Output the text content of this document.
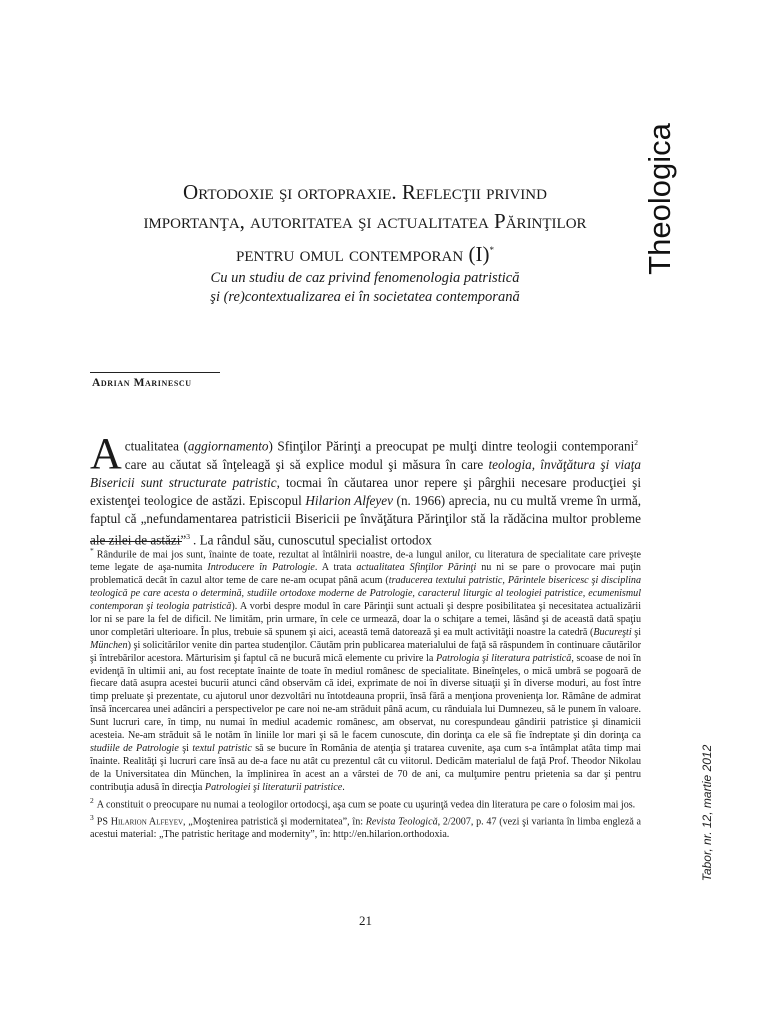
Theologica
Ortodoxie şi ortopraxie. Reflecţii privind
importanţa, autoritatea şi actualitatea Părinţilor
pentru omul contemporan (I)*
Cu un studiu de caz privind fenomenologia patristică
şi (re)contextualizarea ei în societatea contemporană
Adrian Marinescu
Actualitatea (aggiornamento) Sfinţilor Părinţi a preocupat pe mulţi dintre teologii contemporani$^2$ care au căutat să înţeleagă şi să explice modul şi măsura în care teologia, învăţătura şi viaţa Bisericii sunt structurate patristic, tocmai în căutarea unor repere şi pârghii necesare producţiei şi existenţei teologice de astăzi. Episcopul Hilarion Alfeyev (n. 1966) aprecia, nu cu multă vreme în urmă, faptul că „nefundamentarea patristicii Bisericii pe învăţătura Părinţilor stă la rădăcina multor probleme ale zilei de astăzi”$^3$ . La rândul său, cunoscutul specialist ortodox

* Rândurile de mai jos sunt, înainte de toate, rezultat al întâlnirii noastre, de-a lungul anilor, cu literatura de specialitate care priveşte teme legate de aşa-numita Introducere în Patrologie. A trata actualitatea Sfinţilor Părinţi nu ni se pare o provocare mai puţin problematică decât în cazul altor teme de care ne-am ocupat până acum (traducerea textului patristic, Părintele bisericesc şi disciplina teologică pe care acesta o determină, studiile ortodoxe moderne de Patrologie, caracterul liturgic al teologiei patristice, ecumenismul contemporan şi teologia patristică). A vorbi despre modul în care Părinţii sunt actuali şi despre posibilitatea şi necesitatea actualizării lor ni se pare la fel de dificil. Ne limităm, prin urmare, în cele ce urmează, doar la o schiţare a temei, lăsând şi de această dată spaţiu unor completări ulterioare. În plus, trebuie să spunem şi aici, această temă datorează şi ea mult activităţii noastre la catedră (Bucureşti şi München) şi solicitărilor venite din partea studenţilor. Căutăm prin publicarea materialului de faţă să răspundem în continuare căutărilor şi întrebărilor acestora. Mărturisim şi faptul că ne bucură mică elemente cu privire la Patrologia şi literatura patristică, scoase de noi în evidenţă în ultimii ani, au fost receptate înainte de toate în mediul românesc de specialitate. Bineînţeles, o mică umbră se pogoară de fiecare dată asupra acestei bucurii atunci când observăm că idei, exprimate de noi în diverse situaţii şi în diverse moduri, au fost între timp preluate şi prezentate, cu ajutorul unor dezvoltări nu întotdeauna proprii, însă fără a menţiona provenienţa lor. Rămâne de admirat însă încercarea unei adânciri a perspectivelor pe care noi ne-am străduit până acum, cu rânduiala lui Dumnezeu, să le punem în valoare. Sunt lucruri care, în timp, nu numai în mediul academic românesc, am observat, nu corespundeau gândirii patristice şi dinamicii acesteia. Ne-am străduit să le notăm în liniile lor mari şi să le facem cunoscute, din dorinţa ca ele să fie îndreptate şi din dorinţa ca studiile de Patrologie şi textul patristic să se bucure în România de atenţia şi tratarea cuvenite, aşa cum s-a întâmplat atâta timp mai înainte. Realităţi şi lucruri care însă au de-a face nu atât cu prezentul cât cu viitorul. Dedicăm materialul de faţă Prof. Theodor Nikolau de la Universitatea din München, la împlinirea în acest an a vârstei de 70 de ani, ca mulţumire pentru prietenia sa dar şi pentru contribuţia adusă în direcţia Patrologiei şi literaturii patristice.

$^2$ A constituit o preocupare nu numai a teologilor ortodocşi, aşa cum se poate cu uşurinţă vedea din literatura pe care o folosim mai jos.

$^3$ PS Hilarion Alfeyev, „Moştenirea patristică şi modernitatea”, în: Revista Teologică, 2/2007, p. 47 (vezi şi varianta în limba engleză a acestui material: „The patristic heritage and modernity”, în: http://en.hilarion.orthodoxia.	Tabor, nr. 12, martie 2012
21
